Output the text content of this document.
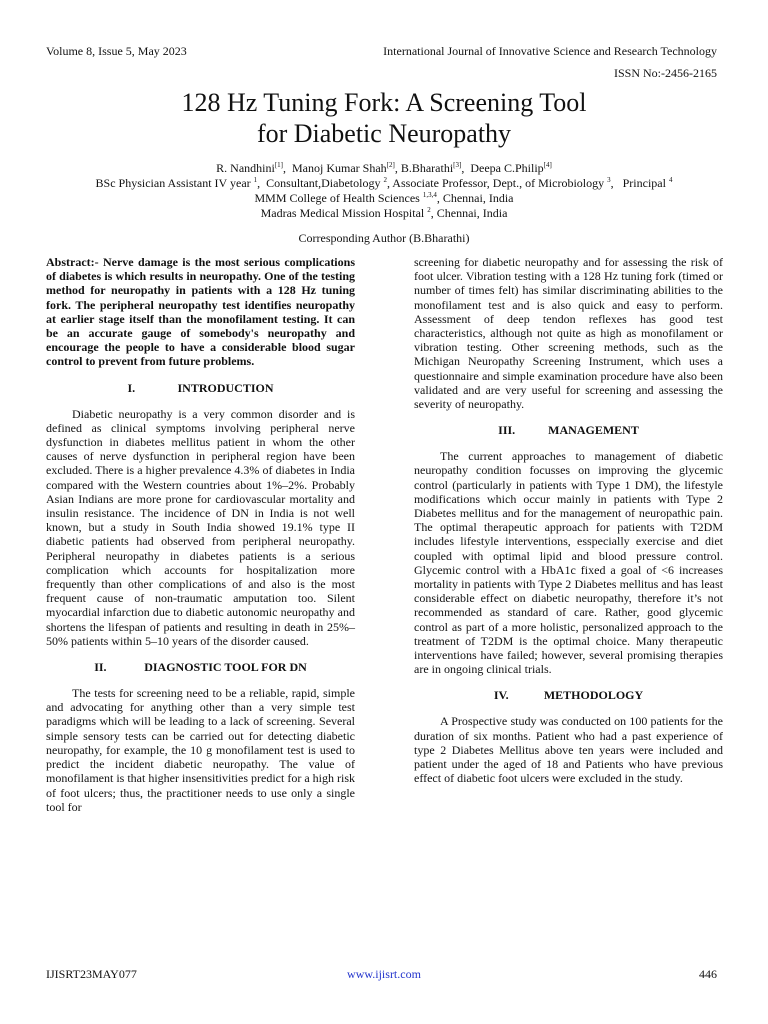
Volume 8, Issue 5, May 2023	International Journal of Innovative Science and Research Technology
ISSN No:-2456-2165
128 Hz Tuning Fork: A Screening Tool
for Diabetic Neuropathy
R. Nandhini[1],  Manoj Kumar Shah[2], B.Bharathi[3],  Deepa C.Philip[4]
BSc Physician Assistant IV year $^1$,  Consultant,Diabetology $^2$, Associate Professor, Dept., of Microbiology $^3$,   Principal $^4$
MMM College of Health Sciences $^{1,3,4}$, Chennai, India
Madras Medical Mission Hospital $^2$, Chennai, India
Corresponding Author (B.Bharathi)

Abstract:- Nerve damage is the most serious complications of diabetes is which results in neuropathy. One of the testing method for neuropathy in patients with a 128 Hz tuning fork. The peripheral neuropathy test identifies neuropathy at earlier stage itself than the monofilament testing. It can be an accurate gauge of somebody's neuropathy and encourage the people to have a considerable blood sugar control to prevent from future problems.

I.	INTRODUCTION

Diabetic neuropathy is a very common disorder and is defined as clinical symptoms involving peripheral nerve dysfunction in diabetes mellitus patient in whom the other causes of nerve dysfunction in peripheral region have been excluded. There is a higher prevalence 4.3% of diabetes in India compared with the Western countries about 1%–2%. Probably Asian Indians are more prone for cardiovascular mortality and insulin resistance. The incidence of DN in India is not well known, but a study in South India showed 19.1% type II diabetic patients had observed from peripheral neuropathy. Peripheral neuropathy in diabetes patients is a serious complication which accounts for hospitalization more frequently than other complications of and also is the most frequent cause of non-traumatic amputation too. Silent myocardial infarction due to diabetic autonomic neuropathy and shortens the lifespan of patients and resulting in death in 25%–50% patients within 5–10 years of the disorder caused.

II.	DIAGNOSTIC TOOL FOR DN

The tests for screening need to be a reliable, rapid, simple and advocating for anything other than a very simple test paradigms which will be leading to a lack of screening. Several simple sensory tests can be carried out for detecting diabetic neuropathy, for example, the 10 g monofilament test is used to predict the incident diabetic neuropathy. The value of monofilament is that higher insensitivities predict for a high risk of foot ulcers; thus, the practitioner needs to use only a single tool for

screening for diabetic neuropathy and for assessing the risk of foot ulcer. Vibration testing with a 128 Hz tuning fork (timed or number of times felt) has similar discriminating abilities to the monofilament test and is also quick and easy to perform. Assessment of deep tendon reflexes has good test characteristics, although not quite as high as monofilament or vibration testing. Other screening methods, such as the Michigan Neuropathy Screening Instrument, which uses a questionnaire and simple examination procedure have also been validated and are very useful for screening and assessing the severity of neuropathy.

III.	MANAGEMENT

The current approaches to management of diabetic neuropathy condition focusses on improving the glycemic control (particularly in patients with Type 1 DM), the lifestyle modifications which occur mainly in patients with Type 2 Diabetes mellitus and for the management of neuropathic pain. The optimal therapeutic approach for patients with T2DM includes lifestyle interventions, esspecially exercise and diet coupled with optimal lipid and blood pressure control. Glycemic control with a HbA1c fixed a goal of <6 increases mortality in patients with Type 2 Diabetes mellitus and has least considerable effect on diabetic neuropathy, therefore it’s not recommended as standard of care. Rather, good glycemic control as part of a more holistic, personalized approach to the treatment of T2DM is the optimal choice. Many therapeutic interventions have failed; however, several promising therapies are in ongoing clinical trials.

IV.	METHODOLOGY

A Prospective study was conducted on 100 patients for the duration of six months. Patient who had a past experience of type 2 Diabetes Mellitus above ten years were included and patient under the aged of 18 and Patients who have previous effect of diabetic foot ulcers were excluded in the study.

IJISRT23MAY077	www.ijisrt.com	446
